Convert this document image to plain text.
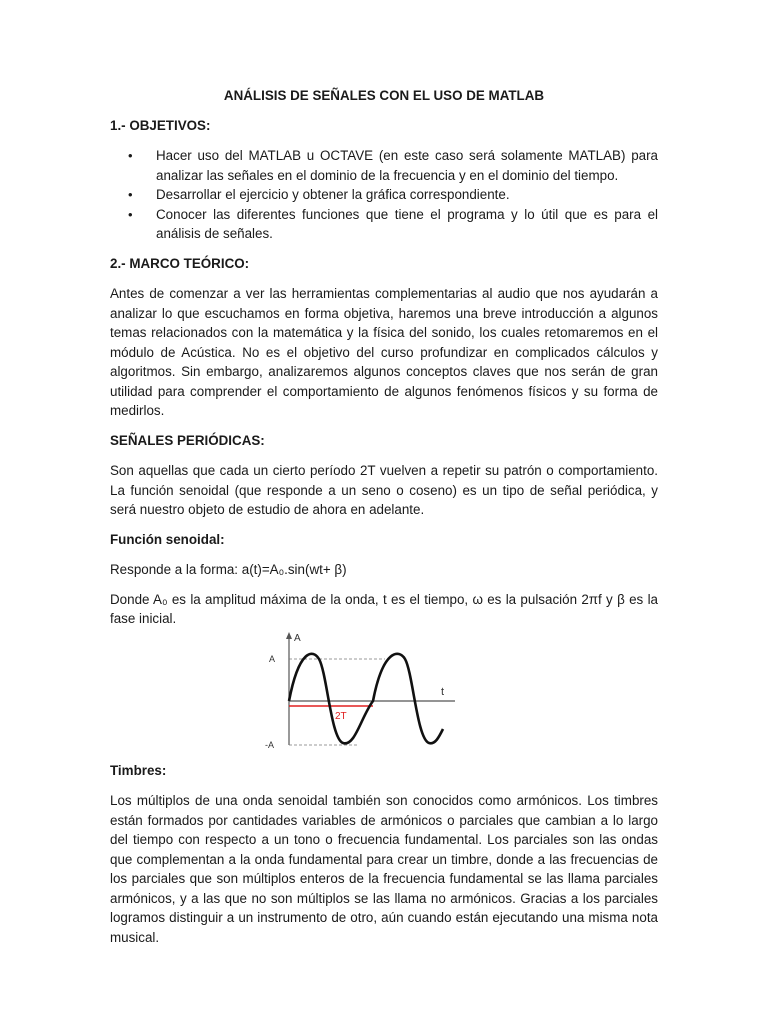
ANÁLISIS DE SEÑALES CON EL USO DE MATLAB
1.- OBJETIVOS:
• Hacer uso del MATLAB u OCTAVE (en este caso será solamente MATLAB) para analizar las señales en el dominio de la frecuencia y en el dominio del tiempo.
• Desarrollar el ejercicio y obtener la gráfica correspondiente.
• Conocer las diferentes funciones que tiene el programa y lo útil que es para el análisis de señales.
2.- MARCO TEÓRICO:

Antes de comenzar a ver las herramientas complementarias al audio que nos ayudarán a analizar lo que escuchamos en forma objetiva, haremos una breve introducción a algunos temas relacionados con la matemática y la física del sonido, los cuales retomaremos en el módulo de Acústica. No es el objetivo del curso profundizar en complicados cálculos y algoritmos. Sin embargo, analizaremos algunos conceptos claves que nos serán de gran utilidad para comprender el comportamiento de algunos fenómenos físicos y su forma de medirlos.

SEÑALES PERIÓDICAS:

Son aquellas que cada un cierto período 2T vuelven a repetir su patrón o comportamiento. La función senoidal (que responde a un seno o coseno) es un tipo de señal periódica, y será nuestro objeto de estudio de ahora en adelante.

Función senoidal:

Responde a la forma: a(t)=A₀.sin(wt+ β)

Donde A₀ es la amplitud máxima de la onda, t es el tiempo, ω es la pulsación 2πf y β es la fase inicial.

A
t
A
-A
2T
Timbres:

Los múltiplos de una onda senoidal también son conocidos como armónicos. Los timbres están formados por cantidades variables de armónicos o parciales que cambian a lo largo del tiempo con respecto a un tono o frecuencia fundamental. Los parciales son las ondas que complementan a la onda fundamental para crear un timbre, donde a las frecuencias de los parciales que son múltiplos enteros de la frecuencia fundamental se las llama parciales armónicos, y a las que no son múltiplos se las llama no armónicos. Gracias a los parciales logramos distinguir a un instrumento de otro, aún cuando están ejecutando una misma nota musical.
